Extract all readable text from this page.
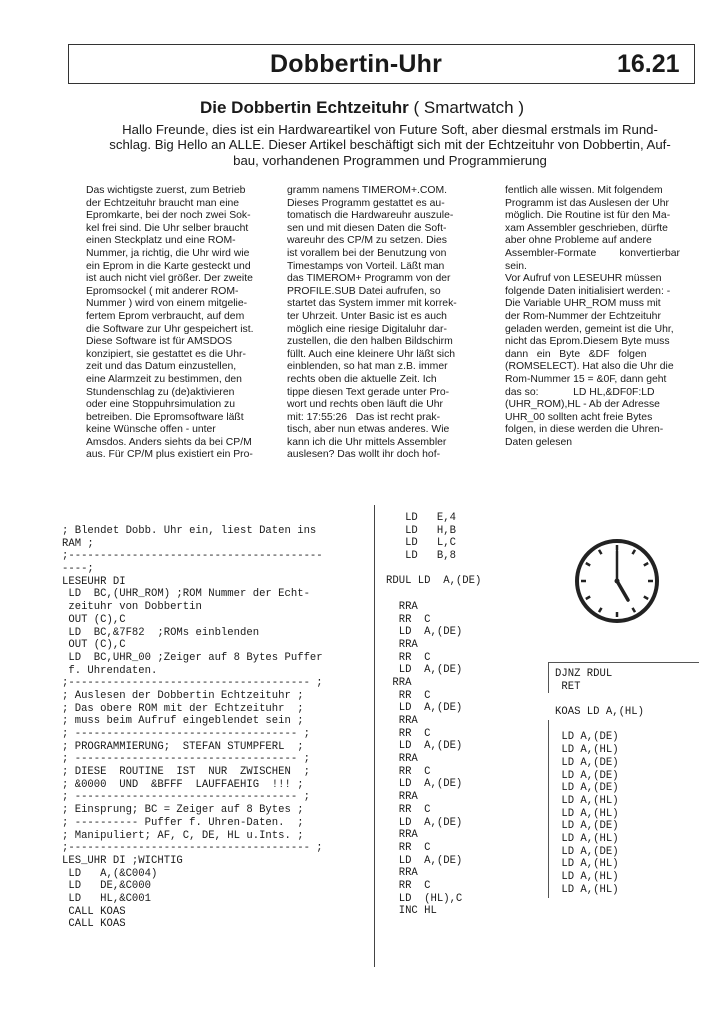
Dobbertin-Uhr	16.21
Die Dobbertin Echtzeituhr ( Smartwatch )
Hallo Freunde, dies ist ein Hardwareartikel von Future Soft, aber diesmal erstmals im Rund-
schlag. Big Hello an ALLE. Dieser Artikel beschäftigt sich mit der Echtzeituhr von Dobbertin, Auf-
bau, vorhandenen Programmen und Programmierung
Das wichtigste zuerst, zum Betrieb
der Echtzeituhr braucht man eine
Epromkarte, bei der noch zwei Sok-
kel frei sind. Die Uhr selber braucht
einen Steckplatz und eine ROM-
Nummer, ja richtig, die Uhr wird wie
ein Eprom in die Karte gesteckt und
ist auch nicht viel größer. Der zweite
Epromsockel ( mit anderer ROM-
Nummer ) wird von einem mitgelie-
fertem Eprom verbraucht, auf dem
die Software zur Uhr gespeichert ist.
Diese Software ist für AMSDOS
konzipiert, sie gestattet es die Uhr-
zeit und das Datum einzustellen,
eine Alarmzeit zu bestimmen, den
Stundenschlag zu (de)aktivieren
oder eine Stoppuhrsimulation zu
betreiben. Die Epromsoftware läßt
keine Wünsche offen - unter
Amsdos. Anders siehts da bei CP/M
aus. Für CP/M plus existiert ein Pro-
gramm namens TIMEROM+.COM.
Dieses Programm gestattet es au-
tomatisch die Hardwareuhr auszule-
sen und mit diesen Daten die Soft-
wareuhr des CP/M zu setzen. Dies
ist vorallem bei der Benutzung von
Timestamps von Vorteil. Läßt man
das TIMEROM+ Programm von der
PROFILE.SUB Datei aufrufen, so
startet das System immer mit korrek-
ter Uhrzeit. Unter Basic ist es auch
möglich eine riesige Digitaluhr dar-
zustellen, die den halben Bildschirm
füllt. Auch eine kleinere Uhr läßt sich
einblenden, so hat man z.B. immer
rechts oben die aktuelle Zeit. Ich
tippe diesen Text gerade unter Pro-
wort und rechts oben läuft die Uhr
mit: 17:55:26   Das ist recht prak-
tisch, aber nun etwas anderes. Wie
kann ich die Uhr mittels Assembler
auslesen? Das wollt ihr doch hof-
fentlich alle wissen. Mit folgendem
Programm ist das Auslesen der Uhr
möglich. Die Routine ist für den Ma-
xam Assembler geschrieben, dürfte
aber ohne Probleme auf andere
Assembler-Formate        konvertierbar
sein.
Vor Aufruf von LESEUHR müssen
folgende Daten initialisiert werden: -
Die Variable UHR_ROM muss mit
der Rom-Nummer der Echtzeituhr
geladen werden, gemeint ist die Uhr,
nicht das Eprom.Diesem Byte muss
dann   ein   Byte   &DF   folgen
(ROMSELECT). Hat also die Uhr die
Rom-Nummer 15 = &0F, dann geht
das so:            LD HL,&DF0F:LD
(UHR_ROM),HL - Ab der Adresse
UHR_00 sollten acht freie Bytes
folgen, in diese werden die Uhren-
Daten gelesen
; Blendet Dobb. Uhr ein, liest Daten ins
RAM ;
;----------------------------------------
----;
LESEUHR DI
LD  BC,(UHR_ROM) ;ROM Nummer der Echt-
zeituhr von Dobbertin
OUT (C),C
LD  BC,&7F82  ;ROMs einblenden
OUT (C),C
LD  BC,UHR_00 ;Zeiger auf 8 Bytes Puffer
f. Uhrendaten.
;-------------------------------------- ;
; Auslesen der Dobbertin Echtzeituhr ;
; Das obere ROM mit der Echtzeituhr  ;
; muss beim Aufruf eingeblendet sein ;
; ----------------------------------- ;
; PROGRAMMIERUNG;  STEFAN STUMPFERL  ;
; ----------------------------------- ;
; DIESE  ROUTINE  IST  NUR  ZWISCHEN  ;
; &0000  UND  &BFFF  LAUFFAEHIG  !!! ;
; ----------------------------------- ;
; Einsprung; BC = Zeiger auf 8 Bytes ;
; ---------- Puffer f. Uhren-Daten.  ;
; Manipuliert; AF, C, DE, HL u.Ints. ;
;-------------------------------------- ;
LES_UHR DI ;WICHTIG
LD   A,(&C004)
LD   DE,&C000
LD   HL,&C001
CALL KOAS
CALL KOAS
LD   E,4
LD   H,B
LD   L,C
LD   B,8
RDUL LD  A,(DE)
RRA
RR  C
LD  A,(DE)
RRA
RR  C
LD  A,(DE)
RRA
RR  C
LD  A,(DE)
RRA
RR  C
LD  A,(DE)
RRA
RR  C
LD  A,(DE)
RRA
RR  C
LD  A,(DE)
RRA
RR  C
LD  A,(DE)
RRA
RR  C
LD  (HL),C
INC HL
DJNZ RDUL
RET
KOAS LD A,(HL)
LD A,(DE)
LD A,(HL)
LD A,(DE)
LD A,(DE)
LD A,(DE)
LD A,(HL)
LD A,(HL)
LD A,(DE)
LD A,(HL)
LD A,(DE)
LD A,(HL)
LD A,(HL)
LD A,(HL)
